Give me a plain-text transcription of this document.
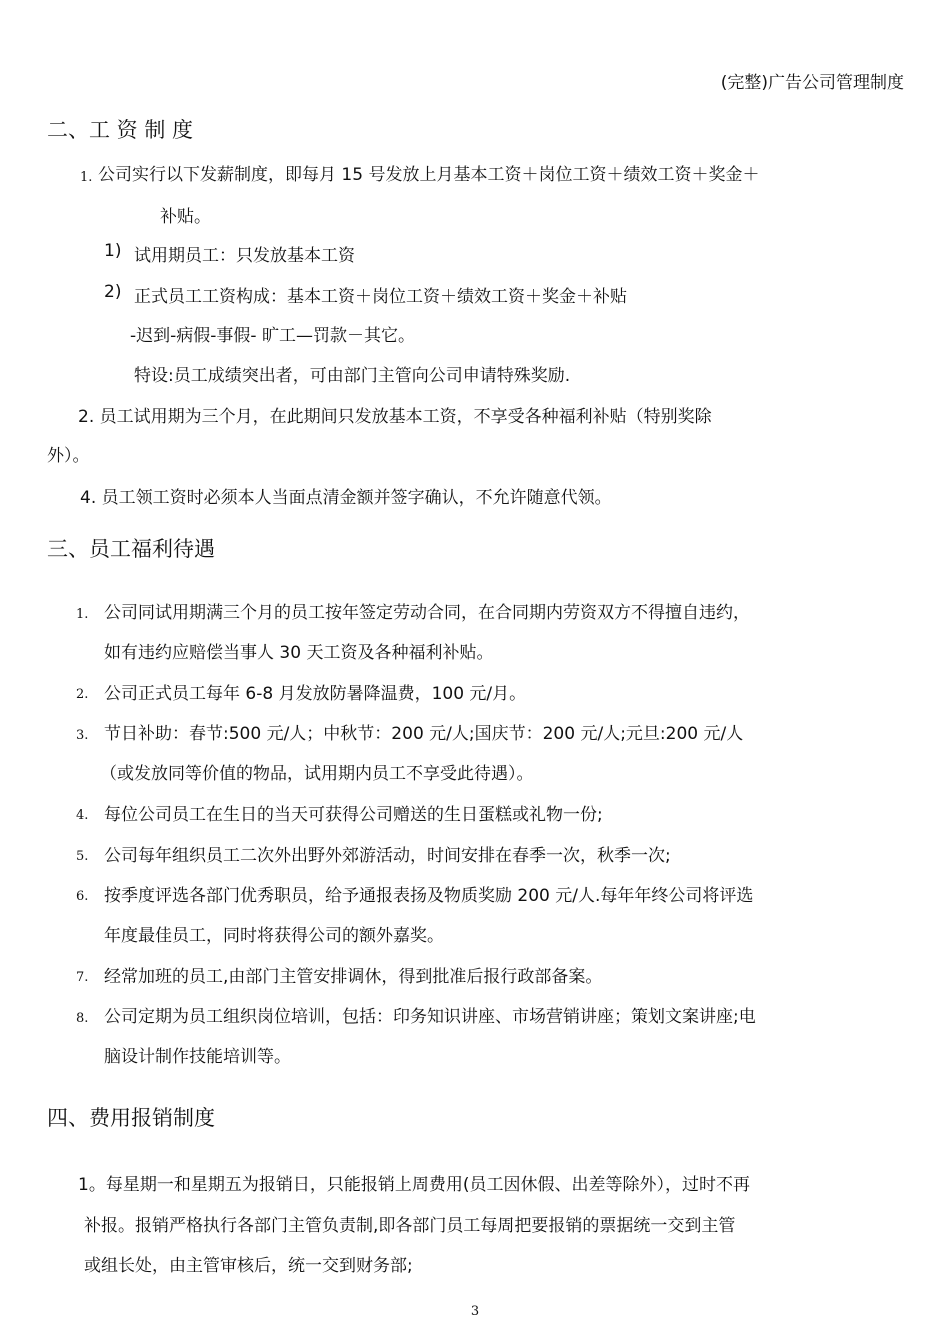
(完整)广告公司管理制度
二、工 资 制 度
1. 公司实行以下发薪制度，即每月 15 号发放上月基本工资＋岗位工资＋绩效工资＋奖金＋
补贴。
1) 试用期员工：只发放基本工资
2) 正式员工工资构成：基本工资＋岗位工资＋绩效工资＋奖金＋补贴
-迟到-病假-事假- 旷工—罚款－其它。
特设:员工成绩突出者，可由部门主管向公司申请特殊奖励.
2. 员工试用期为三个月，在此期间只发放基本工资，不享受各种福利补贴（特别奖除
外）。
4. 员工领工资时必须本人当面点清金额并签字确认，不允许随意代领。
三、员工福利待遇
1. 公司同试用期满三个月的员工按年签定劳动合同，在合同期内劳资双方不得擅自违约，
如有违约应赔偿当事人 30 天工资及各种福利补贴。
2. 公司正式员工每年 6-8 月发放防暑降温费，100 元/月。
3. 节日补助：春节:500 元/人；中秋节：200 元/人;国庆节：200 元/人;元旦:200 元/人
（或发放同等价值的物品，试用期内员工不享受此待遇）。
4. 每位公司员工在生日的当天可获得公司赠送的生日蛋糕或礼物一份;
5. 公司每年组织员工二次外出野外郊游活动，时间安排在春季一次，秋季一次;
6. 按季度评选各部门优秀职员，给予通报表扬及物质奖励 200 元/人.每年年终公司将评选
年度最佳员工，同时将获得公司的额外嘉奖。
7. 经常加班的员工,由部门主管安排调休，得到批准后报行政部备案。
8. 公司定期为员工组织岗位培训，包括：印务知识讲座、市场营销讲座；策划文案讲座;电
脑设计制作技能培训等。
四、费用报销制度
1。每星期一和星期五为报销日，只能报销上周费用(员工因休假、出差等除外），过时不再
补报。报销严格执行各部门主管负责制,即各部门员工每周把要报销的票据统一交到主管
或组长处，由主管审核后，统一交到财务部;
3
